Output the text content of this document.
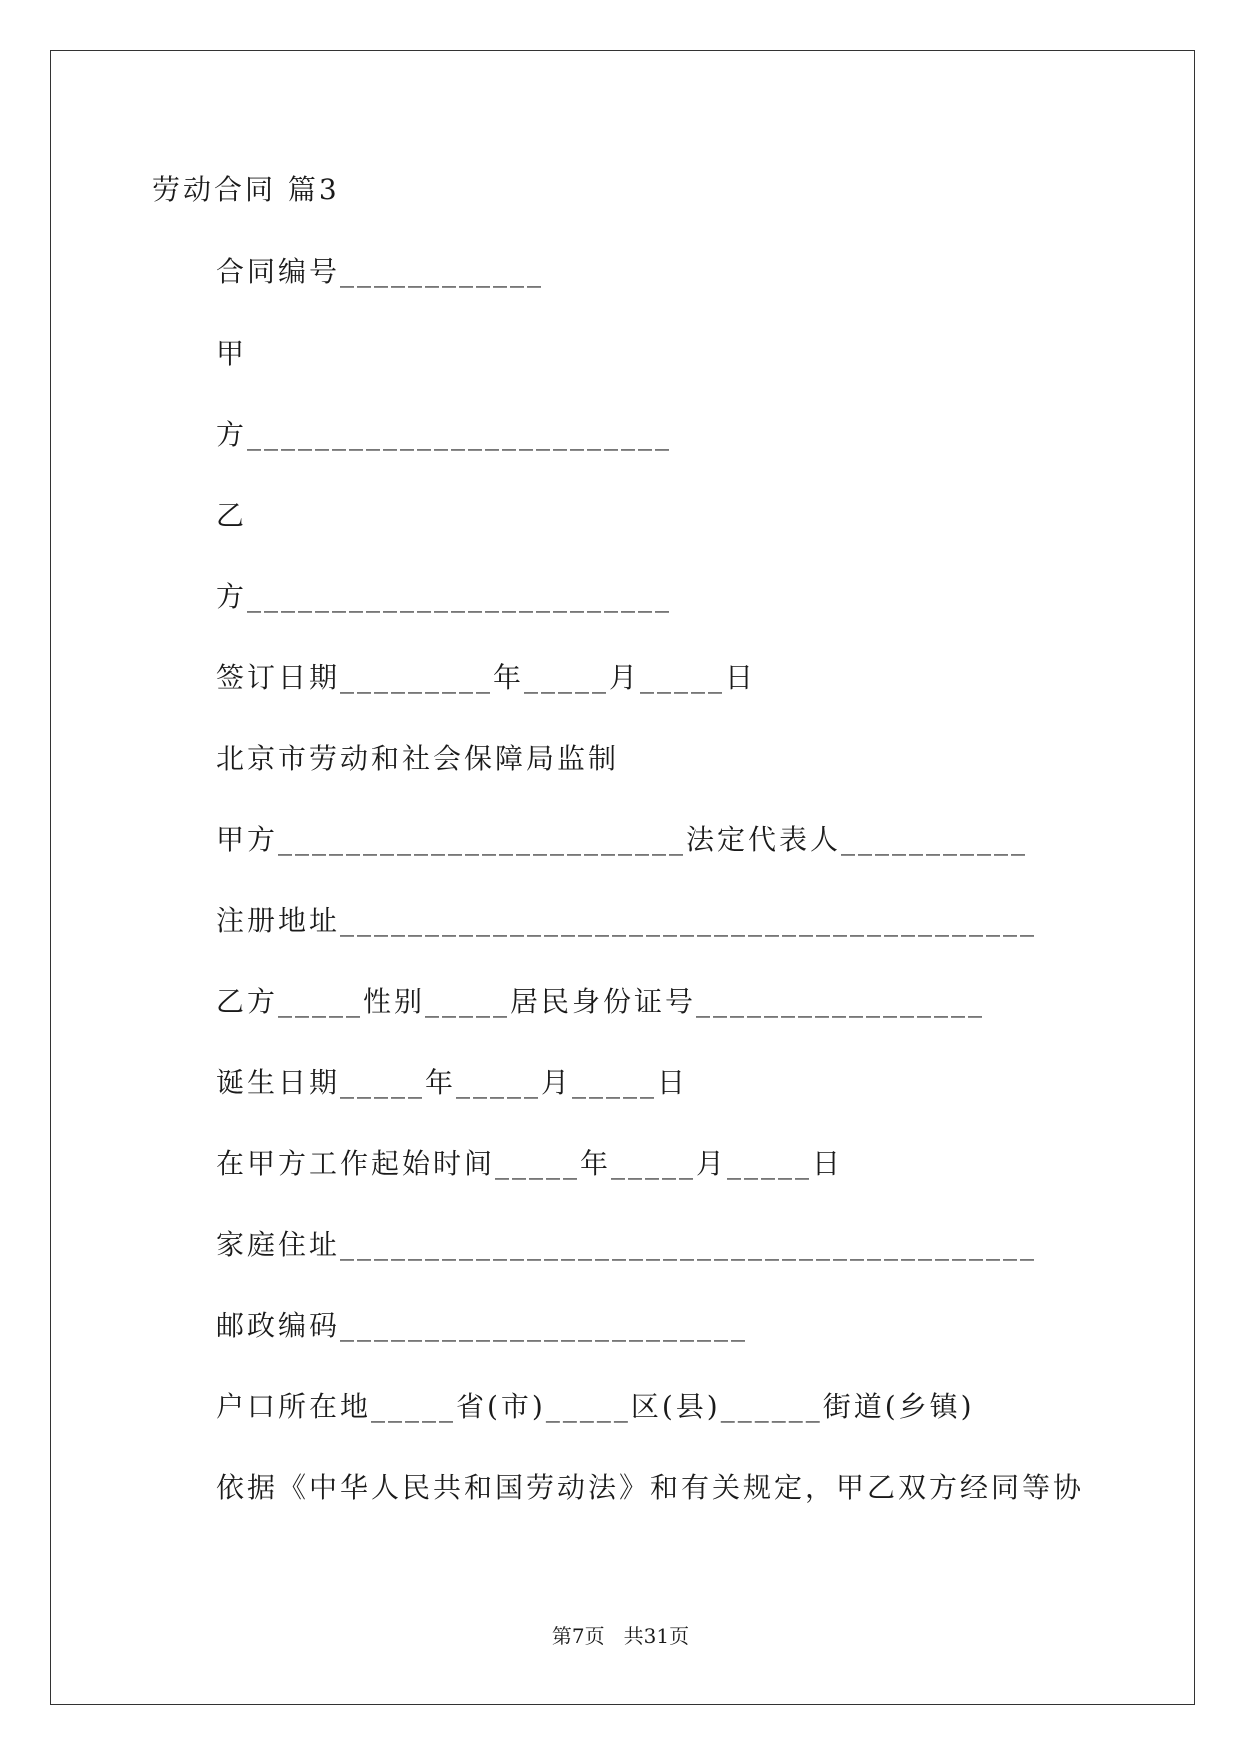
劳动合同 篇3
合同编号____________
甲
方_________________________
乙
方_________________________
签订日期_________年_____月_____日
北京市劳动和社会保障局监制
甲方________________________法定代表人___________
注册地址_________________________________________
乙方_____性别_____居民身份证号_________________
诞生日期_____年_____月_____日
在甲方工作起始时间_____年_____月_____日
家庭住址_________________________________________
邮政编码________________________
户口所在地_____省(市)_____区(县)______街道(乡镇)
依据《中华人民共和国劳动法》和有关规定，甲乙双方经同等协
第7页   共31页
